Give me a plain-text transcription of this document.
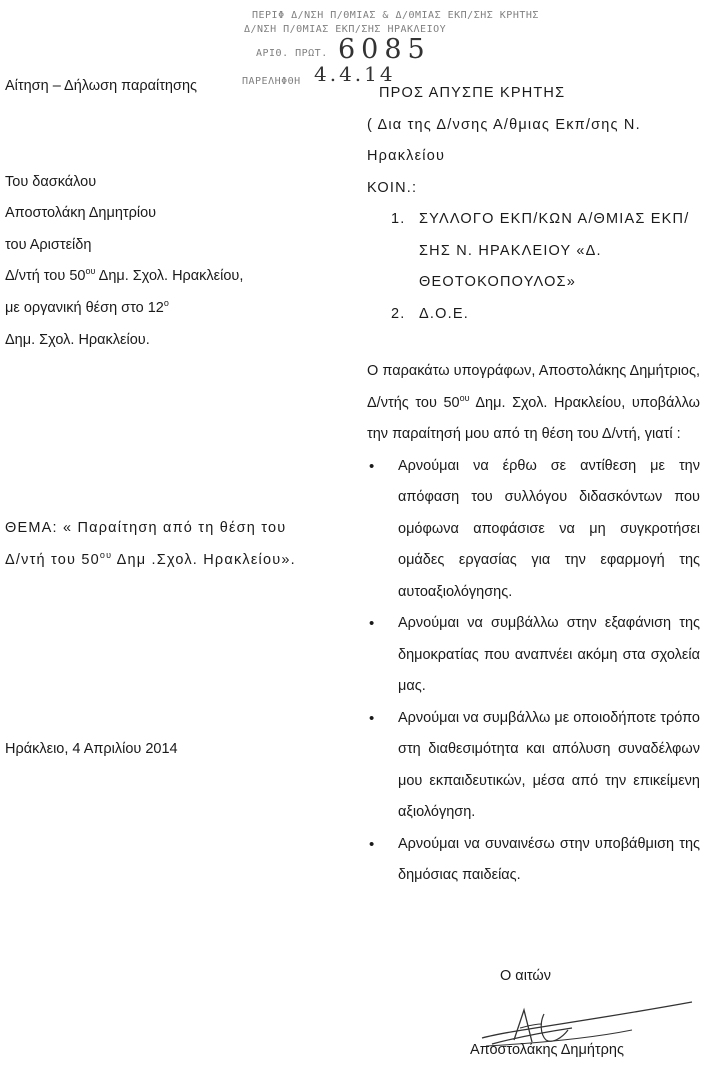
ΠΕΡΙΦ Δ/ΝΣΗ Π/ΘΜΙΑΣ & Δ/ΘΜΙΑΣ ΕΚΠ/ΣΗΣ ΚΡΗΤΗΣ
Δ/ΝΣΗ Π/ΘΜΙΑΣ ΕΚΠ/ΣΗΣ ΗΡΑΚΛΕΙΟΥ
ΑΡΙΘ. ΠΡΩΤ.
ΠΑΡΕΛΗΦΘΗ
6085
4.4.14
Αίτηση – Δήλωση παραίτησης
Του δασκάλου
Αποστολάκη Δημητρίου
του Αριστείδη
Δ/ντή του $50^{o\upsilon}$ Δημ. Σχολ. Ηρακλείου,
με οργανική θέση στο $12^o$
Δημ. Σχολ. Ηρακλείου.
ΘΕΜΑ: « Παραίτηση από τη θέση του
Δ/ντή του $50^{o\upsilon}$ Δημ .Σχολ. Ηρακλείου».
Ηράκλειο, 4 Απριλίου 2014

ΠΡΟΣ ΑΠΥΣΠΕ ΚΡΗΤΗΣ

( Δια της Δ/νσης Α/θμιας Εκπ/σης Ν. Ηρακλείου

ΚΟΙΝ.:

1. ΣΥΛΛΟΓΟ ΕΚΠ/ΚΩΝ Α/ΘΜΙΑΣ ΕΚΠ/ΣΗΣ Ν. ΗΡΑΚΛΕΙΟΥ «Δ. ΘΕΟΤΟΚΟΠΟΥΛΟΣ»
2. Δ.Ο.Ε.

Ο παρακάτω υπογράφων, Αποστολάκης Δημήτριος, Δ/ντής του $50^{o\upsilon}$ Δημ. Σχολ. Ηρακλείου, υποβάλλω την παραίτησή μου από τη θέση του Δ/ντή, γιατί :

• Αρνούμαι να έρθω σε αντίθεση με την απόφαση του συλλόγου διδασκόντων που ομόφωνα αποφάσισε να μη συγκροτήσει ομάδες εργασίας για την εφαρμογή της αυτοαξιολόγησης.
• Αρνούμαι να συμβάλλω στην εξαφάνιση της δημοκρατίας που αναπνέει ακόμη στα σχολεία μας.
• Αρνούμαι να συμβάλλω με οποιοδήποτε τρόπο στη διαθεσιμότητα και απόλυση συναδέλφων μου εκπαιδευτικών, μέσα από την επικείμενη αξιολόγηση.
• Αρνούμαι να συναινέσω στην υποβάθμιση της δημόσιας παιδείας.
Ο αιτών
Αποστολάκης Δημήτρης
